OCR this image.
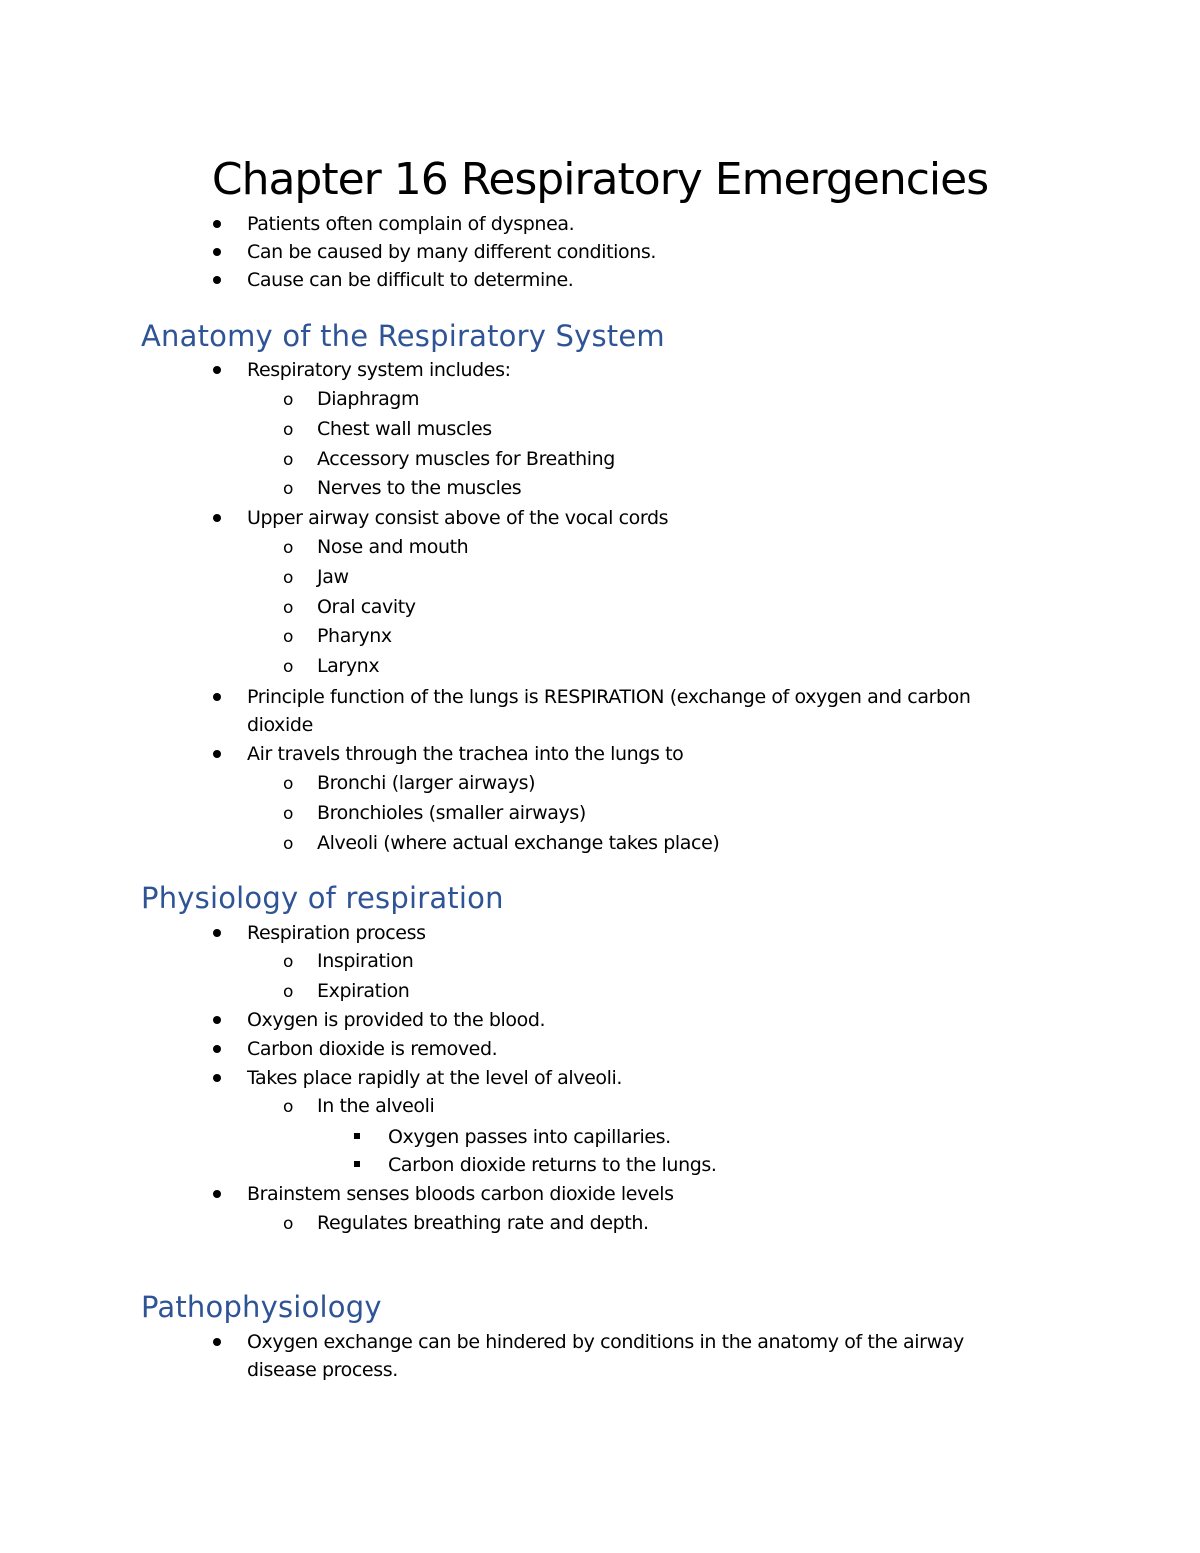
Chapter 16 Respiratory Emergencies
Patients often complain of dyspnea.
Can be caused by many different conditions.
Cause can be difficult to determine.
Anatomy of the Respiratory System
Respiratory system includes:
o Diaphragm
o Chest wall muscles
o Accessory muscles for Breathing
o Nerves to the muscles
Upper airway consist above of the vocal cords
o Nose and mouth
o Jaw
o Oral cavity
o Pharynx
o Larynx
Principle function of the lungs is RESPIRATION (exchange of oxygen and carbon
dioxide
Air travels through the trachea into the lungs to
o Bronchi (larger airways)
o Bronchioles (smaller airways)
o Alveoli (where actual exchange takes place)
Physiology of respiration
Respiration process
o Inspiration
o Expiration
Oxygen is provided to the blood.
Carbon dioxide is removed.
Takes place rapidly at the level of alveoli.
o In the alveoli
Oxygen passes into capillaries.
Carbon dioxide returns to the lungs.
Brainstem senses bloods carbon dioxide levels
o Regulates breathing rate and depth.
Pathophysiology
Oxygen exchange can be hindered by conditions in the anatomy of the airway
disease process.
